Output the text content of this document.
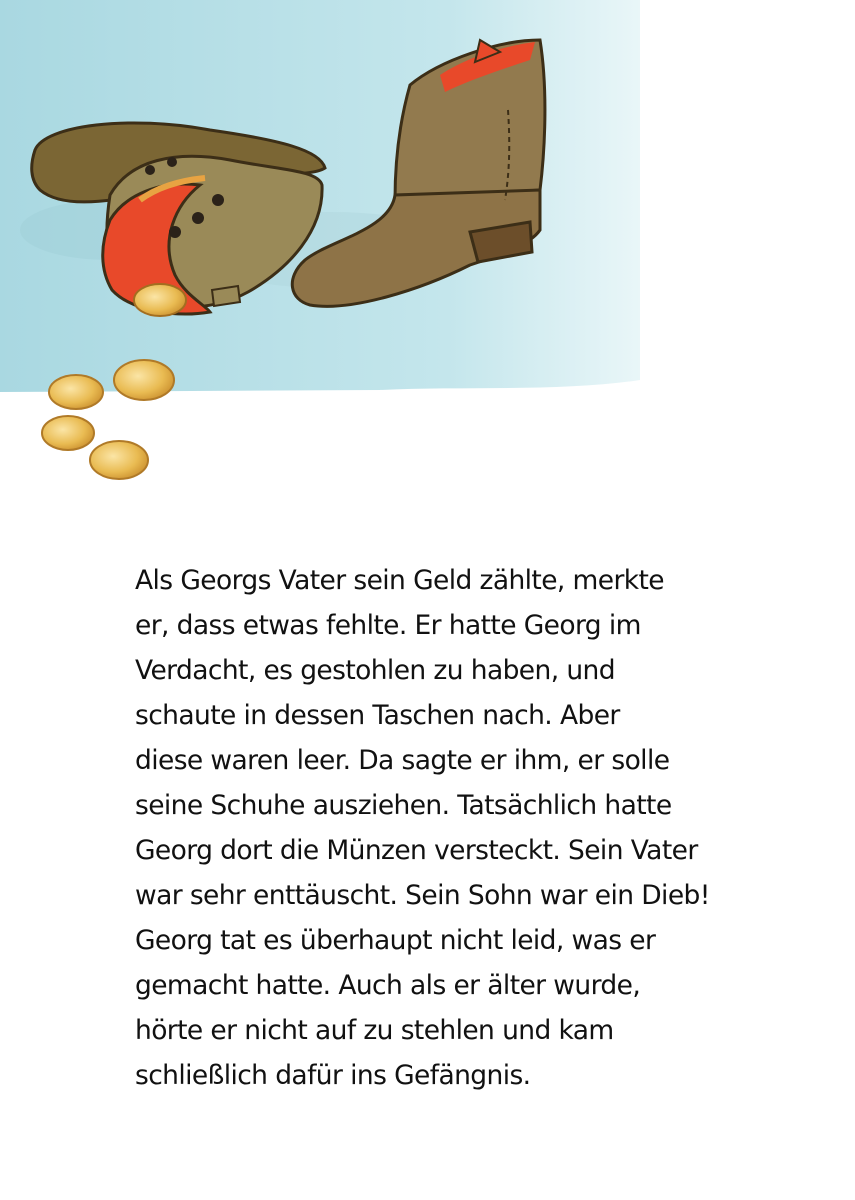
Als Georgs Vater sein Geld zählte, merkte
er, dass etwas fehlte. Er hatte Georg im
Verdacht, es gestohlen zu haben, und
schaute in dessen Taschen nach. Aber
diese waren leer. Da sagte er ihm, er solle
seine Schuhe ausziehen. Tatsächlich hatte
Georg dort die Münzen versteckt. Sein Vater
war sehr enttäuscht. Sein Sohn war ein Dieb!
Georg tat es überhaupt nicht leid, was er
gemacht hatte. Auch als er älter wurde,
hörte er nicht auf zu stehlen und kam
schließlich dafür ins Gefängnis.
